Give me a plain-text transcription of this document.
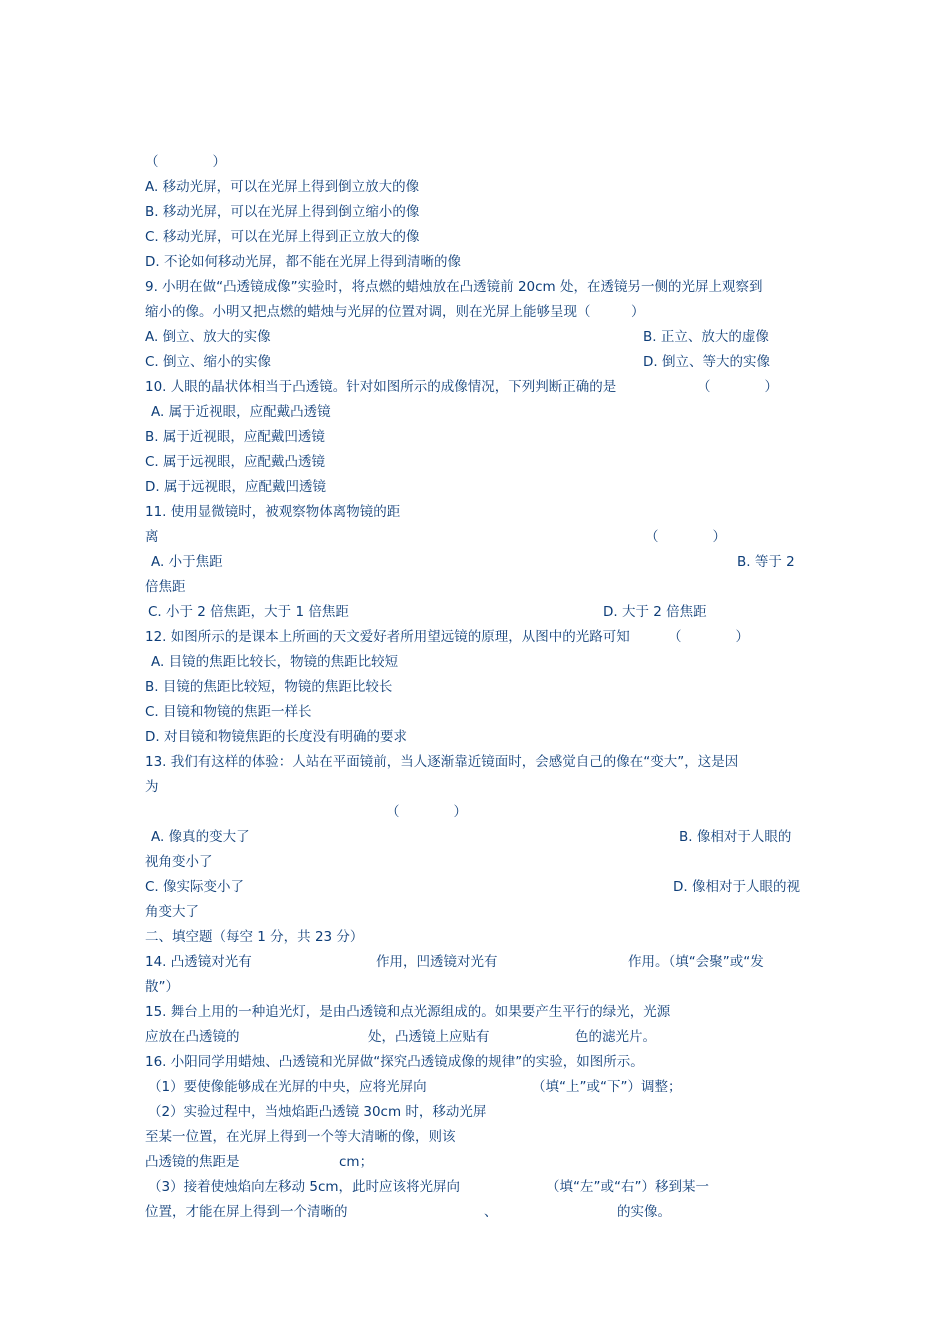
（　　　　）
A. 移动光屏，可以在光屏上得到倒立放大的像
B. 移动光屏，可以在光屏上得到倒立缩小的像
C. 移动光屏，可以在光屏上得到正立放大的像
D. 不论如何移动光屏，都不能在光屏上得到清晰的像
9. 小明在做“凸透镜成像”实验时，将点燃的蜡烛放在凸透镜前 20cm 处，在透镜另一侧的光屏上观察到
缩小的像。小明又把点燃的蜡烛与光屏的位置对调，则在光屏上能够呈现（　　　）
A. 倒立、放大的实像	B. 正立、放大的虚像
C. 倒立、缩小的实像	D. 倒立、等大的实像
10. 人眼的晶状体相当于凸透镜。针对如图所示的成像情况，下列判断正确的是	（　　　　）
A. 属于近视眼，应配戴凸透镜
B. 属于近视眼，应配戴凹透镜
C. 属于远视眼，应配戴凸透镜
D. 属于远视眼，应配戴凹透镜
11. 使用显微镜时，被观察物体离物镜的距
离	（　　　　）
A. 小于焦距	B. 等于 2
倍焦距
C. 小于 2 倍焦距，大于 1 倍焦距	D. 大于 2 倍焦距
12. 如图所示的是课本上所画的天文爱好者所用望远镜的原理，从图中的光路可知	（　　　　）
A. 目镜的焦距比较长，物镜的焦距比较短
B. 目镜的焦距比较短，物镜的焦距比较长
C. 目镜和物镜的焦距一样长
D. 对目镜和物镜焦距的长度没有明确的要求
13. 我们有这样的体验：人站在平面镜前，当人逐渐靠近镜面时，会感觉自己的像在“变大”，这是因
为
（　　　　）
A. 像真的变大了	B. 像相对于人眼的
视角变小了
C. 像实际变小了	D. 像相对于人眼的视
角变大了
二、填空题（每空 1 分，共 23 分）
14. 凸透镜对光有	作用，凹透镜对光有	作用。（填“会聚”或“发
散”）
15. 舞台上用的一种追光灯，是由凸透镜和点光源组成的。如果要产生平行的绿光，光源
应放在凸透镜的	处，凸透镜上应贴有	色的滤光片。
16. 小阳同学用蜡烛、凸透镜和光屏做“探究凸透镜成像的规律”的实验，如图所示。
（1）要使像能够成在光屏的中央，应将光屏向	（填“上”或“下”）调整；
（2）实验过程中，当烛焰距凸透镜 30cm 时，移动光屏
至某一位置，在光屏上得到一个等大清晰的像，则该
凸透镜的焦距是	cm；
（3）接着使烛焰向左移动 5cm，此时应该将光屏向	（填“左”或“右”）移到某一
位置，才能在屏上得到一个清晰的	、	的实像。
